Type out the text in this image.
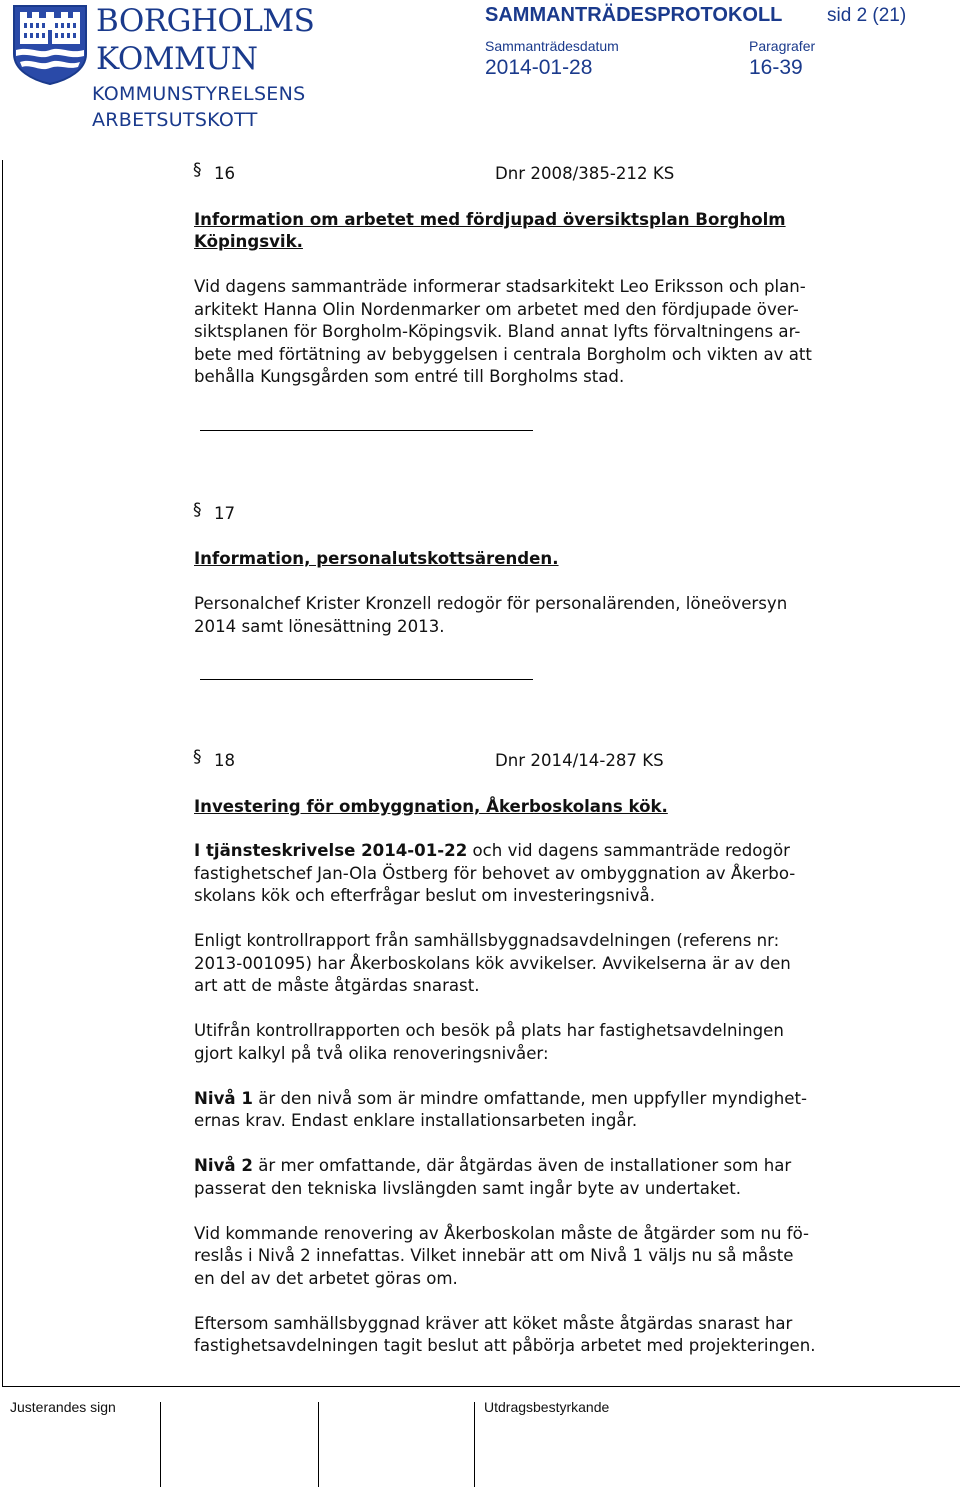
BORGHOLMS
KOMMUN
KOMMUNSTYRELSENS
ARBETSUTSKOTT
SAMMANTRÄDESPROTOKOLL sid 2 (21)
Sammanträdesdatum
2014-01-28
Paragrafer
16-39
§ 16	Dnr 2008/385-212 KS
Information om arbetet med fördjupad översiktsplan Borgholm
Köpingsvik.
Vid dagens sammanträde informerar stadsarkitekt Leo Eriksson och plan-
arkitekt Hanna Olin Nordenmarker om arbetet med den fördjupade över-
siktsplanen för Borgholm-Köpingsvik. Bland annat lyfts förvaltningens ar-
bete med förtätning av bebyggelsen i centrala Borgholm och vikten av att
behålla Kungsgården som entré till Borgholms stad.
§ 17
Information, personalutskottsärenden.
Personalchef Krister Kronzell redogör för personalärenden, löneöversyn
2014 samt lönesättning 2013.
§ 18	Dnr 2014/14-287 KS
Investering för ombyggnation, Åkerboskolans kök.
I tjänsteskrivelse 2014-01-22 och vid dagens sammanträde redogör
fastighetschef Jan-Ola Östberg för behovet av ombyggnation av Åkerbo-
skolans kök och efterfrågar beslut om investeringsnivå.
Enligt kontrollrapport från samhällsbyggnadsavdelningen (referens nr:
2013-001095) har Åkerboskolans kök avvikelser. Avvikelserna är av den
art att de måste åtgärdas snarast.
Utifrån kontrollrapporten och besök på plats har fastighetsavdelningen
gjort kalkyl på två olika renoveringsnivåer:
Nivå 1 är den nivå som är mindre omfattande, men uppfyller myndighet-
ernas krav. Endast enklare installationsarbeten ingår.
Nivå 2 är mer omfattande, där åtgärdas även de installationer som har
passerat den tekniska livslängden samt ingår byte av undertaket.
Vid kommande renovering av Åkerboskolan måste de åtgärder som nu fö-
reslås i Nivå 2 innefattas. Vilket innebär att om Nivå 1 väljs nu så måste
en del av det arbetet göras om.
Eftersom samhällsbyggnad kräver att köket måste åtgärdas snarast har
fastighetsavdelningen tagit beslut att påbörja arbetet med projekteringen.
Justerandes sign	Utdragsbestyrkande
